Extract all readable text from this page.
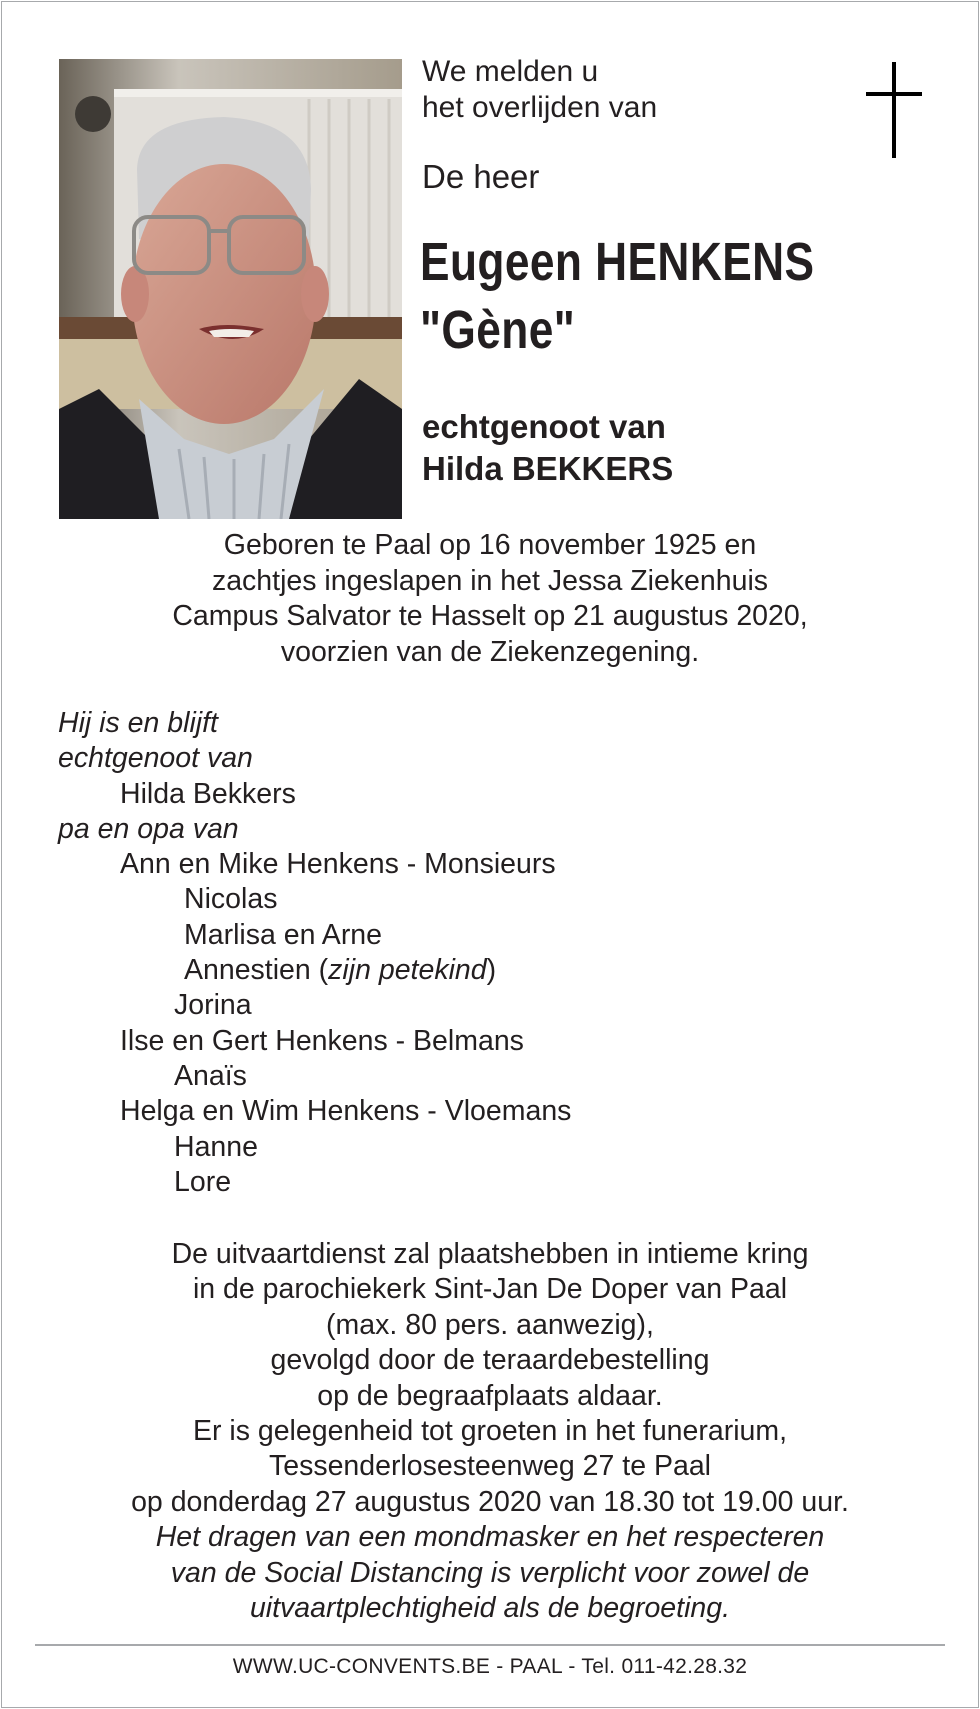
We melden u
het overlijden van
De heer
Eugeen HENKENS
"Gène"
echtgenoot van
Hilda BEKKERS
Geboren te Paal op 16 november 1925 en
zachtjes ingeslapen in het Jessa Ziekenhuis
Campus Salvator te Hasselt op 21 augustus 2020,
voorzien van de Ziekenzegening.
Hij is en blijft
echtgenoot van
Hilda Bekkers
pa en opa van
Ann en Mike Henkens - Monsieurs
Nicolas
Marlisa en Arne
Annestien (zijn petekind)
Jorina
Ilse en Gert Henkens - Belmans
Anaïs
Helga en Wim Henkens - Vloemans
Hanne
Lore
De uitvaartdienst zal plaatshebben in intieme kring
in de parochiekerk Sint-Jan De Doper van Paal
(max. 80 pers. aanwezig),
gevolgd door de teraardebestelling
op de begraafplaats aldaar.
Er is gelegenheid tot groeten in het funerarium,
Tessenderlosesteenweg 27 te Paal
op donderdag 27 augustus 2020 van 18.30 tot 19.00 uur.
Het dragen van een mondmasker en het respecteren
van de Social Distancing is verplicht voor zowel de
uitvaartplechtigheid als de begroeting.
WWW.UC-CONVENTS.BE - PAAL - Tel. 011-42.28.32
